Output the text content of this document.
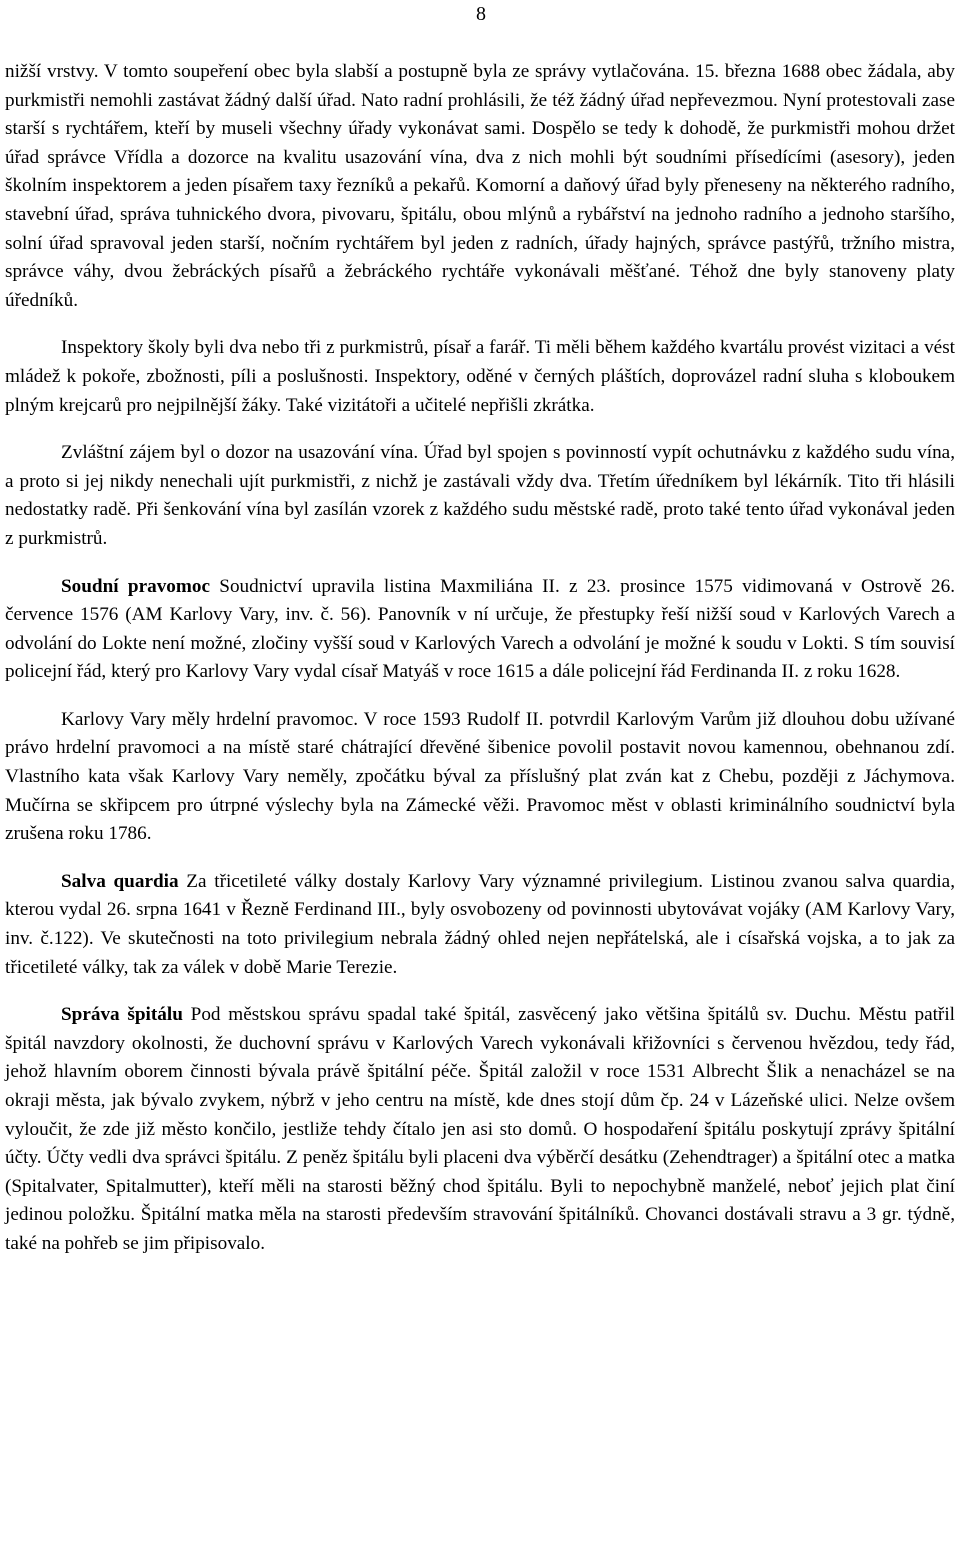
8

nižší vrstvy. V tomto soupeření obec byla slabší a postupně byla ze správy vytlačována. 15. března 1688 obec žádala, aby purkmistři nemohli zastávat žádný další úřad. Nato radní prohlásili, že též žádný úřad nepřevezmou. Nyní protestovali zase starší s rychtářem, kteří by museli všechny úřady vykonávat sami. Dospělo se tedy k dohodě, že purkmistři mohou držet úřad správce Vřídla a dozorce na kvalitu usazování vína, dva z nich mohli být soudními přísedícími (asesory), jeden školním inspektorem a jeden písařem taxy řezníků a pekařů. Komorní a daňový úřad byly přeneseny na některého radního, stavební úřad, správa tuhnického dvora, pivovaru, špitálu, obou mlýnů a rybářství na jednoho radního a jednoho staršího, solní úřad spravoval jeden starší, nočním rychtářem byl jeden z radních, úřady hajných, správce pastýřů, tržního mistra, správce váhy, dvou žebráckých písařů a žebráckého rychtáře vykonávali měšťané. Téhož dne byly stanoveny platy úředníků.

Inspektory školy byli dva nebo tři z purkmistrů, písař a farář. Ti měli během každého kvartálu provést vizitaci a vést mládež k pokoře, zbožnosti, píli a poslušnosti. Inspektory, oděné v černých pláštích, doprovázel radní sluha s kloboukem plným krejcarů pro nejpilnější žáky. Také vizitátoři a učitelé nepřišli zkrátka.

Zvláštní zájem byl o dozor na usazování vína. Úřad byl spojen s povinností vypít ochutnávku z každého sudu vína, a proto si jej nikdy nenechali ujít purkmistři, z nichž je zastávali vždy dva. Třetím úředníkem byl lékárník. Tito tři hlásili nedostatky radě. Při šenkování vína byl zasílán vzorek z každého sudu městské radě, proto také tento úřad vykonával jeden z purkmistrů.

Soudní pravomoc Soudnictví upravila listina Maxmiliána II. z 23. prosince 1575 vidimovaná v Ostrově 26. července 1576 (AM Karlovy Vary, inv. č. 56). Panovník v ní určuje, že přestupky řeší nižší soud v Karlových Varech a odvolání do Lokte není možné, zločiny vyšší soud v Karlových Varech a odvolání je možné k soudu v Lokti. S tím souvisí policejní řád, který pro Karlovy Vary vydal císař Matyáš v roce 1615 a dále policejní řád Ferdinanda II. z roku 1628.

Karlovy Vary měly hrdelní pravomoc. V roce 1593 Rudolf II. potvrdil Karlovým Varům již dlouhou dobu užívané právo hrdelní pravomoci a na místě staré chátrající dřevěné šibenice povolil postavit novou kamennou, obehnanou zdí. Vlastního kata však Karlovy Vary neměly, zpočátku býval za příslušný plat zván kat z Chebu, později z Jáchymova. Mučírna se skřipcem pro útrpné výslechy byla na Zámecké věži. Pravomoc měst v oblasti kriminálního soudnictví byla zrušena roku 1786.

Salva quardia Za třicetileté války dostaly Karlovy Vary významné privilegium. Listinou zvanou salva quardia, kterou vydal 26. srpna 1641 v Řezně Ferdinand III., byly osvobozeny od povinnosti ubytovávat vojáky (AM Karlovy Vary, inv. č.122). Ve skutečnosti na toto privilegium nebrala žádný ohled nejen nepřátelská, ale i císařská vojska, a to jak za třicetileté války, tak za válek v době Marie Terezie.

Správa špitálu Pod městskou správu spadal také špitál, zasvěcený jako většina špitálů sv. Duchu. Městu patřil špitál navzdory okolnosti, že duchovní správu v Karlových Varech vykonávali křižovníci s červenou hvězdou, tedy řád, jehož hlavním oborem činnosti bývala právě špitální péče. Špitál založil v roce 1531 Albrecht Šlik a nenacházel se na okraji města, jak bývalo zvykem, nýbrž v jeho centru na místě, kde dnes stojí dům čp. 24 v Lázeňské ulici. Nelze ovšem vyloučit, že zde již město končilo, jestliže tehdy čítalo jen asi sto domů. O hospodaření špitálu poskytují zprávy špitální účty. Účty vedli dva správci špitálu. Z peněz špitálu byli placeni dva výběrčí desátku (Zehendtrager) a špitální otec a matka (Spitalvater, Spitalmutter), kteří měli na starosti běžný chod špitálu. Byli to nepochybně manželé, neboť jejich plat činí jedinou položku. Špitální matka měla na starosti především stravování špitálníků. Chovanci dostávali stravu a 3 gr. týdně, také na pohřeb se jim připisovalo.
